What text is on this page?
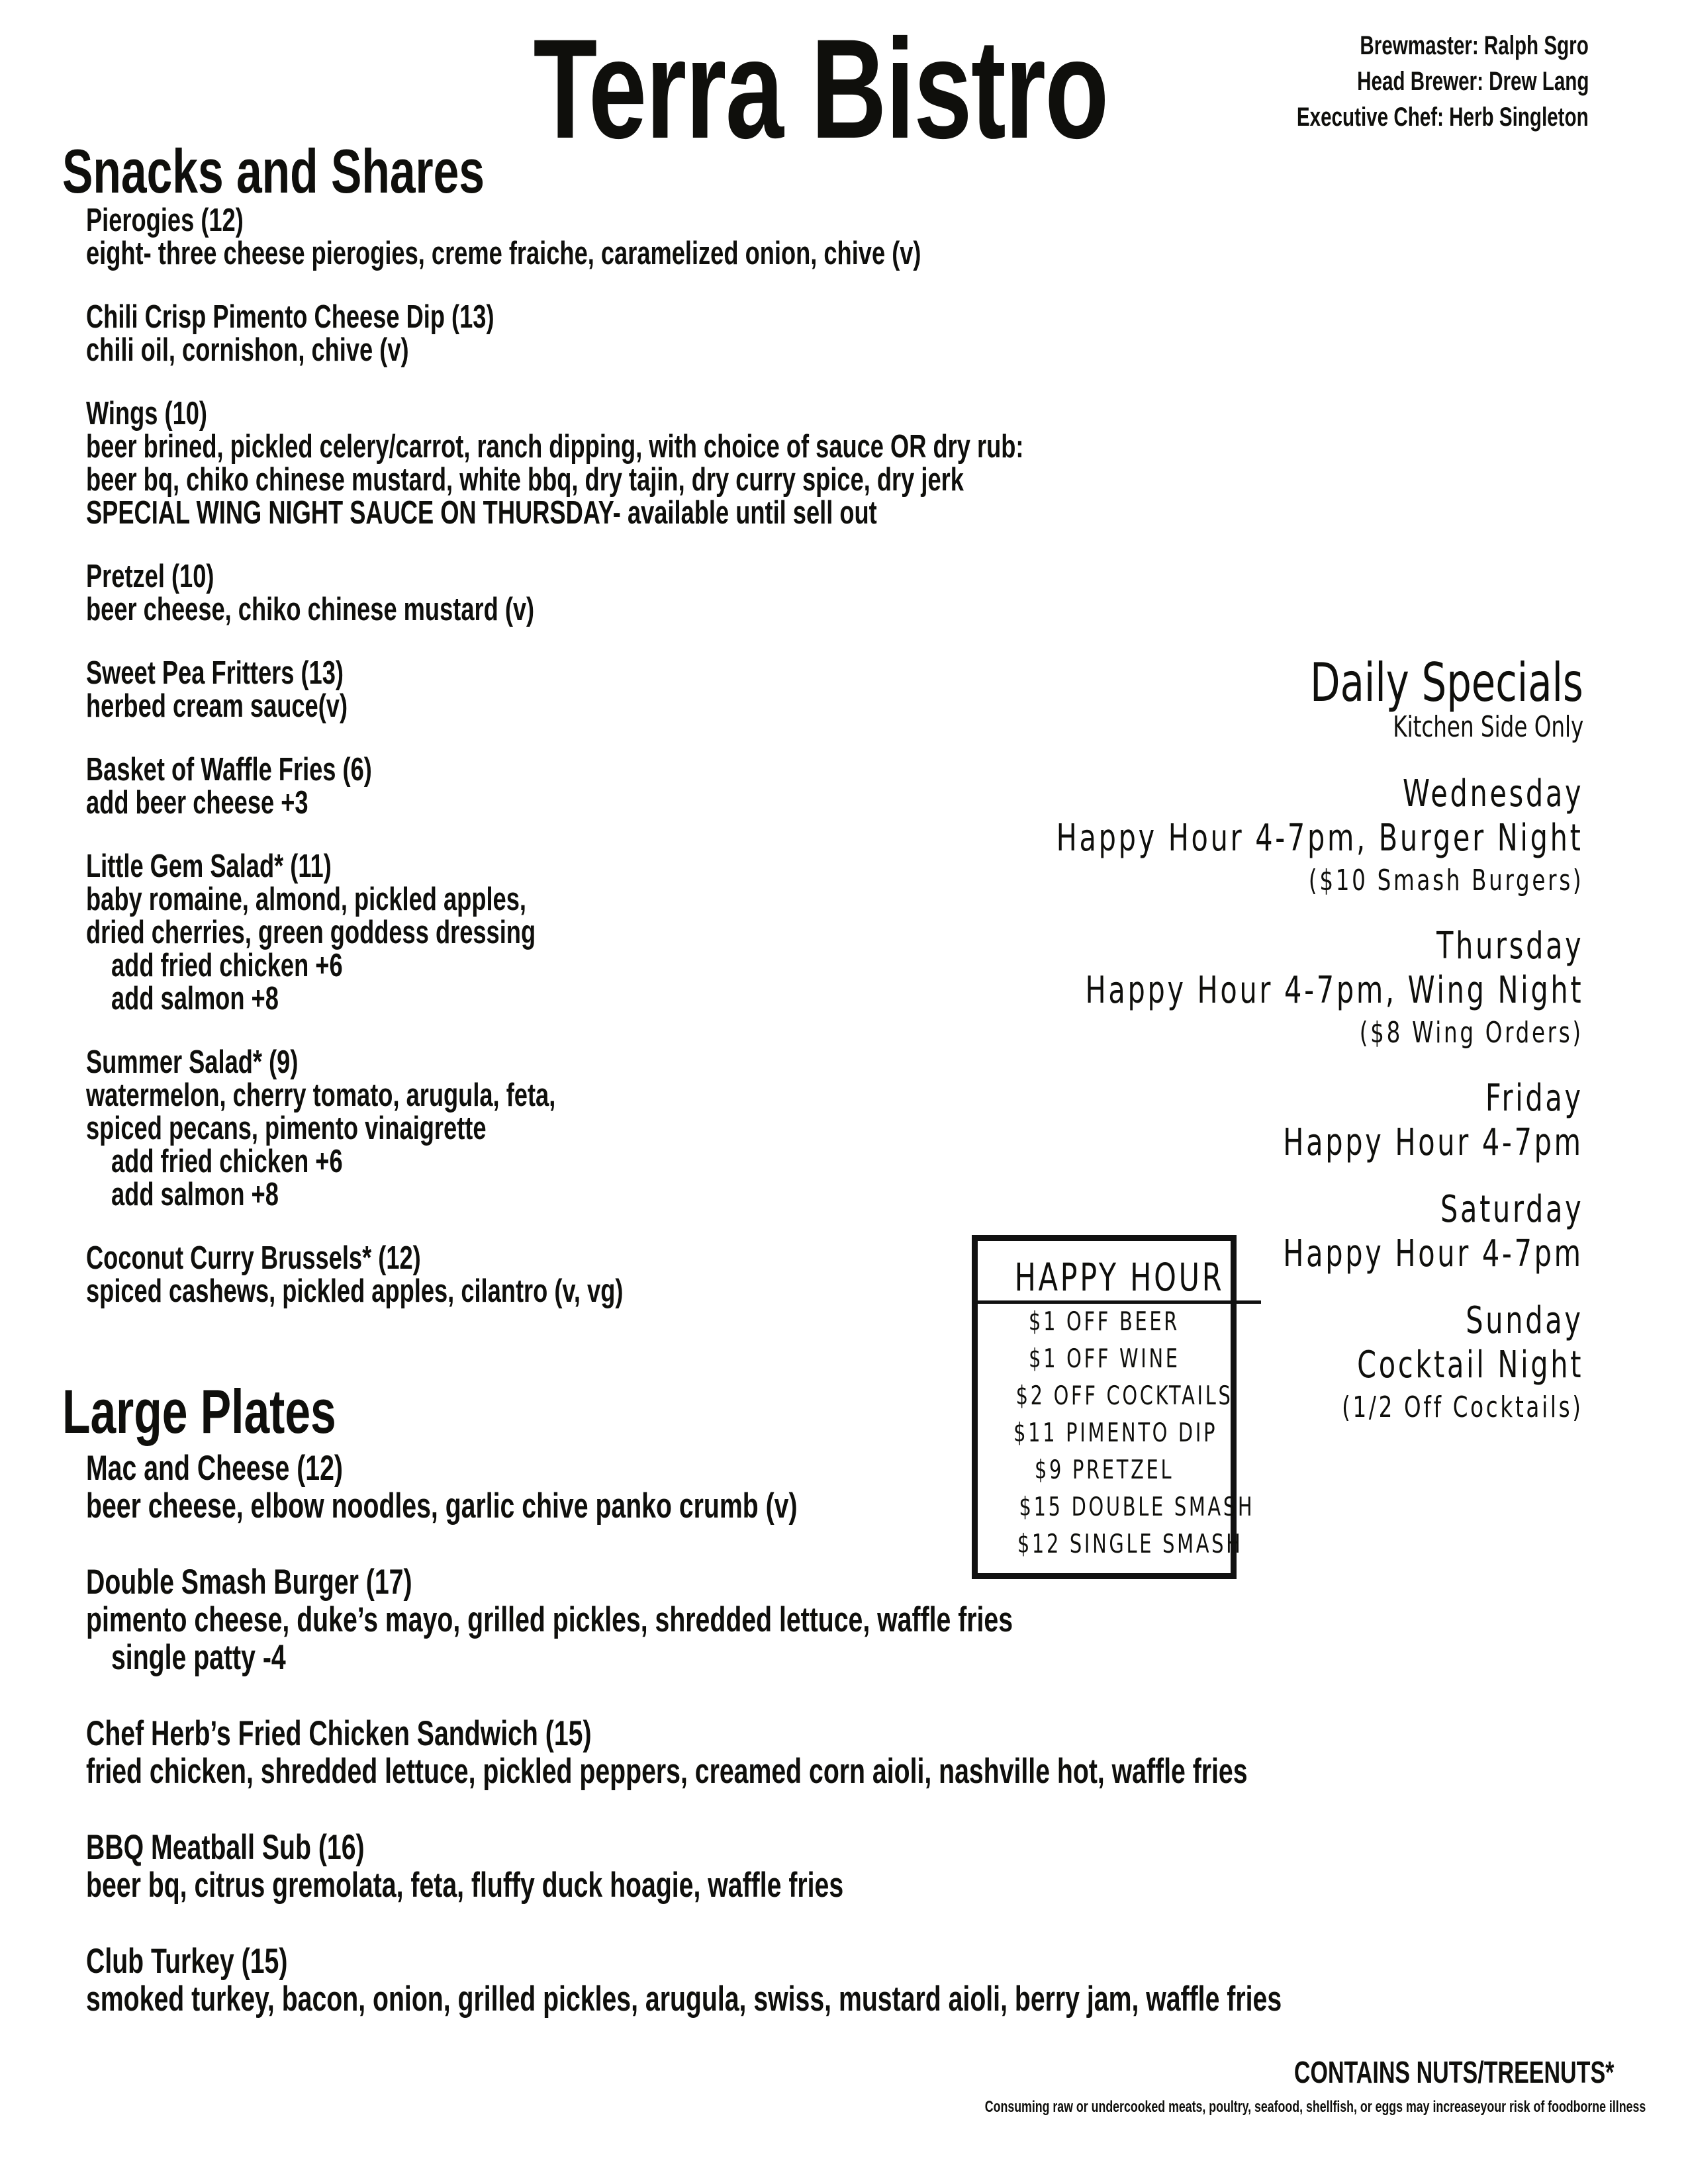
Terra Bistro	Brewmaster: Ralph Sgro
Head Brewer: Drew Lang
Executive Chef: Herb Singleton
Snacks and Shares
Pierogies (12)
eight- three cheese pierogies, creme fraiche, caramelized onion, chive (v)
Chili Crisp Pimento Cheese Dip (13)
chili oil, cornishon, chive (v)
Wings (10)
beer brined, pickled celery/carrot, ranch dipping, with choice of sauce OR dry rub:
beer bq, chiko chinese mustard, white bbq, dry tajin, dry curry spice, dry jerk
SPECIAL WING NIGHT SAUCE ON THURSDAY- available until sell out
Pretzel (10)
beer cheese, chiko chinese mustard (v)
Sweet Pea Fritters (13)
herbed cream sauce(v)
Basket of Waffle Fries (6)
add beer cheese +3
Little Gem Salad* (11)
baby romaine, almond, pickled apples,
dried cherries, green goddess dressing
add fried chicken +6
add salmon +8
Summer Salad* (9)
watermelon, cherry tomato, arugula, feta,
spiced pecans, pimento vinaigrette
add fried chicken +6
add salmon +8
Coconut Curry Brussels* (12)
spiced cashews, pickled apples, cilantro (v, vg)
Large Plates
Mac and Cheese (12)
beer cheese, elbow noodles, garlic chive panko crumb (v)
Double Smash Burger (17)
pimento cheese, duke’s mayo, grilled pickles, shredded lettuce, waffle fries
single patty -4
Chef Herb’s Fried Chicken Sandwich (15)
fried chicken, shredded lettuce, pickled peppers, creamed corn aioli, nashville hot, waffle fries
BBQ Meatball Sub (16)
beer bq, citrus gremolata, feta, fluffy duck hoagie, waffle fries
Club Turkey (15)
smoked turkey, bacon, onion, grilled pickles, arugula, swiss, mustard aioli, berry jam, waffle fries
Daily Specials
Kitchen Side Only
Wednesday
Happy Hour 4-7pm, Burger Night
($10 Smash Burgers)
Thursday
Happy Hour 4-7pm, Wing Night
($8 Wing Orders)
Friday
Happy Hour 4-7pm
Saturday
Happy Hour 4-7pm
Sunday
Cocktail Night
(1/2 Off Cocktails)
HAPPY HOUR
$1 OFF BEER
$1 OFF WINE
$2 OFF COCKTAILS
$11 PIMENTO DIP
$9 PRETZEL
$15 DOUBLE SMASH
$12 SINGLE SMASH
CONTAINS NUTS/TREENUTS*
Consuming raw or undercooked meats, poultry, seafood, shellfish, or eggs may increaseyour risk of foodborne illness
